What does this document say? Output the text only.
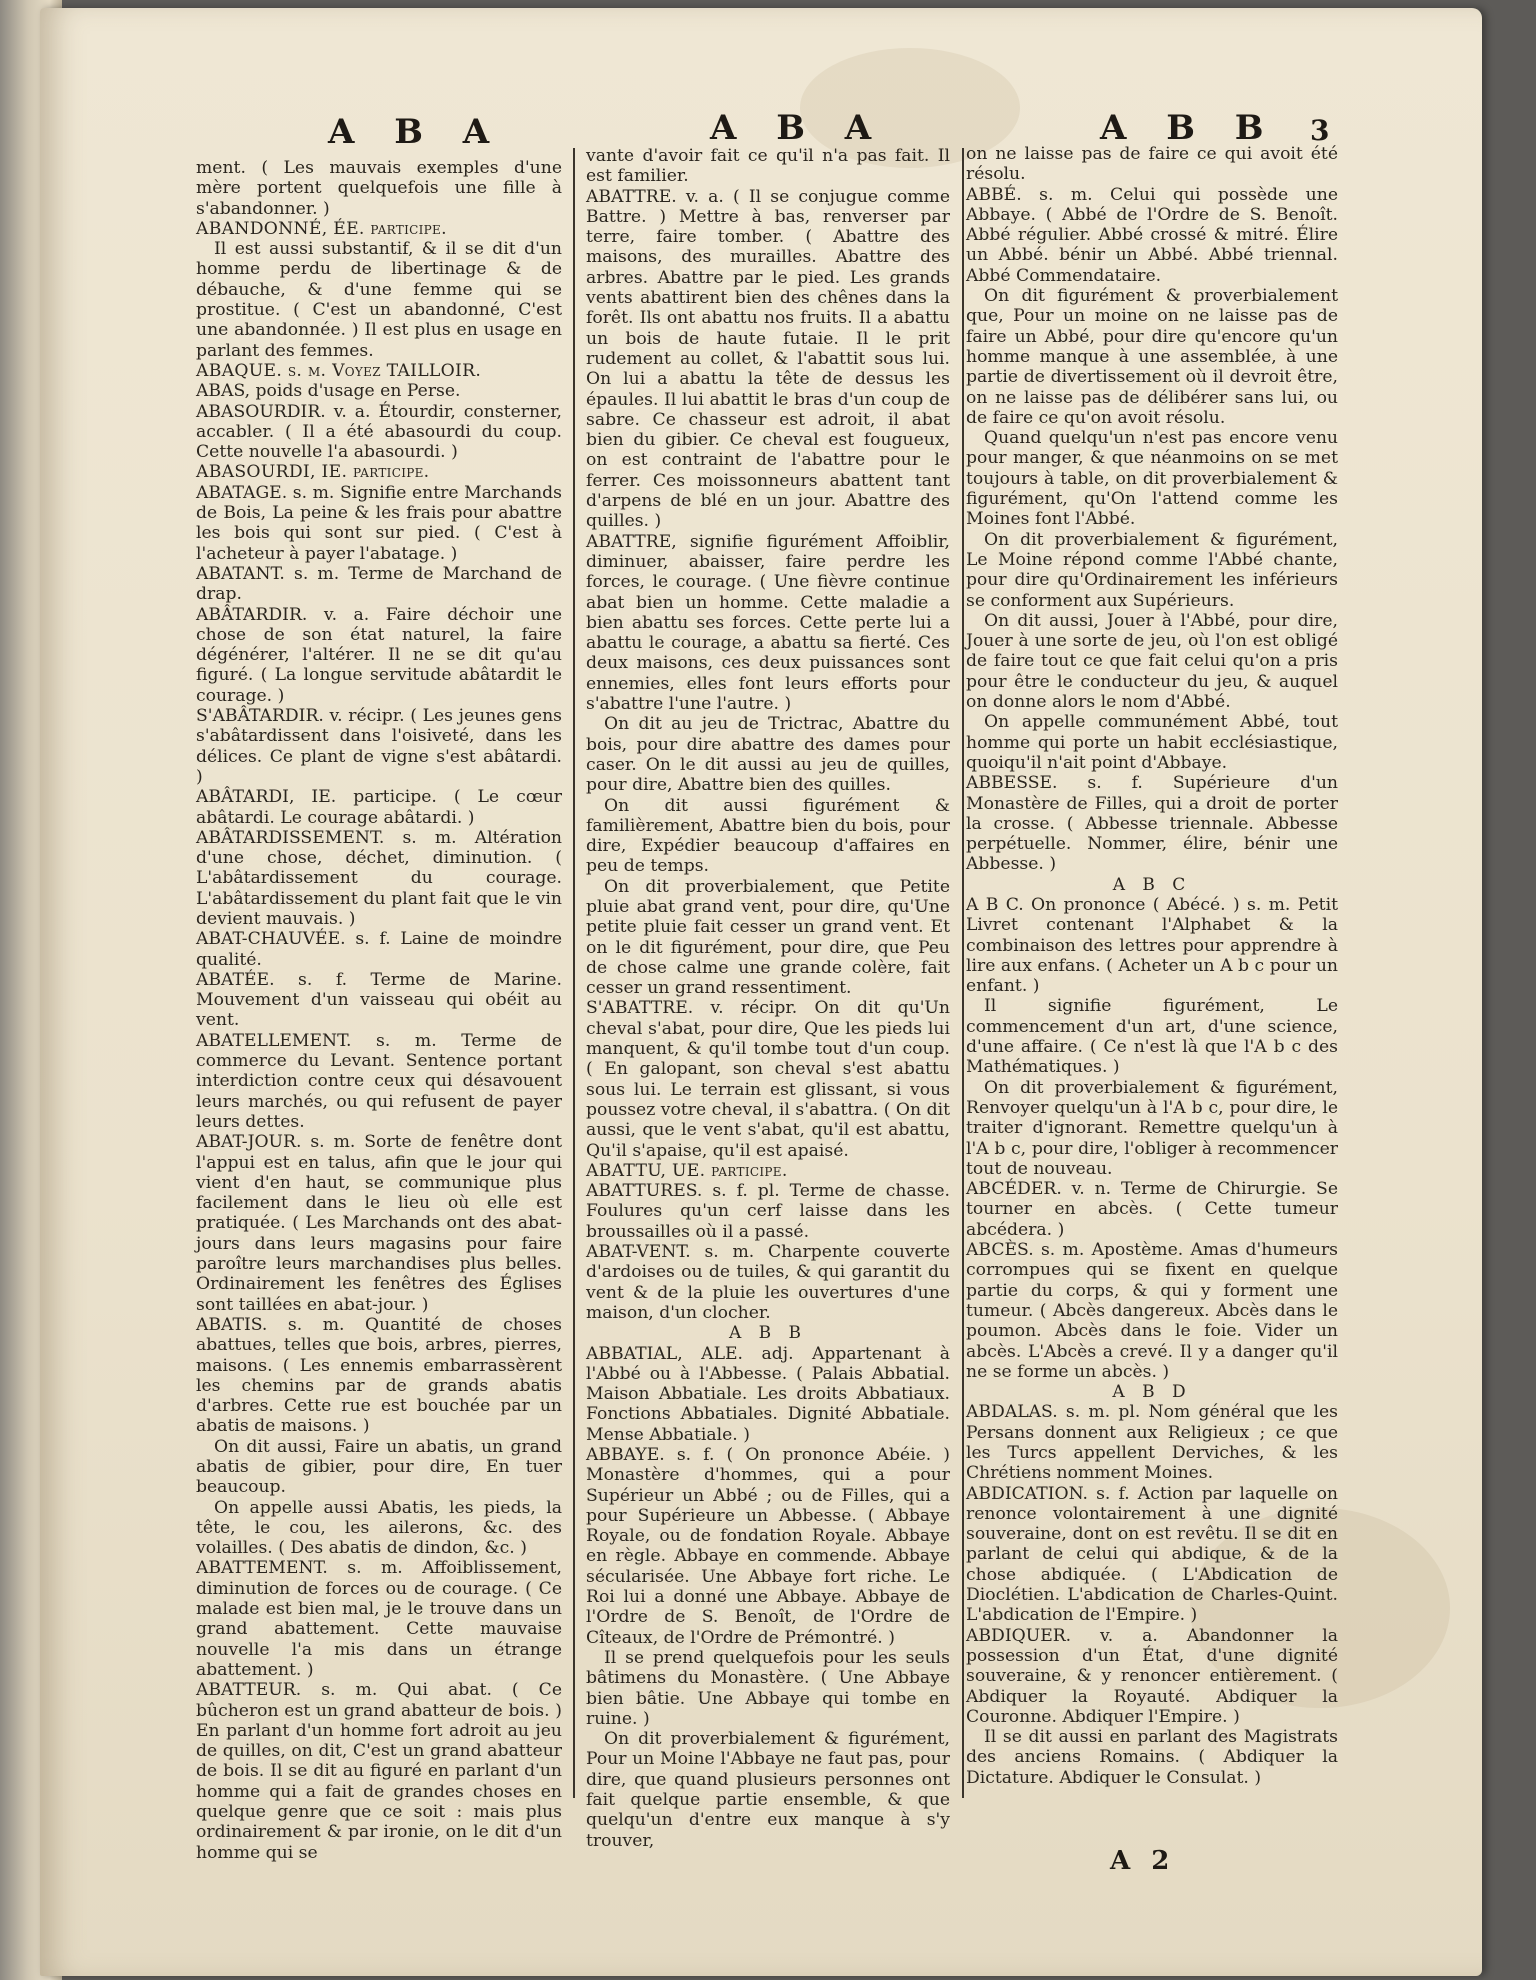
A B A	A B A	A B B 3

ment. ( Les mauvais exemples d'une mère portent quelquefois une fille à s'abandonner. )

ABANDONNÉ, ÉE. participe.

Il est aussi substantif, & il se dit d'un homme perdu de libertinage & de débauche, & d'une femme qui se prostitue. ( C'est un abandonné, C'est une abandonnée. ) Il est plus en usage en parlant des femmes.

ABAQUE. s. m. Voyez TAILLOIR.

ABAS, poids d'usage en Perse.

ABASOURDIR. v. a. Étourdir, consterner, accabler. ( Il a été abasourdi du coup. Cette nouvelle l'a abasourdi. )

ABASOURDI, IE. participe.

ABATAGE. s. m. Signifie entre Marchands de Bois, La peine & les frais pour abattre les bois qui sont sur pied. ( C'est à l'acheteur à payer l'abatage. )

ABATANT. s. m. Terme de Marchand de drap.

ABÂTARDIR. v. a. Faire déchoir une chose de son état naturel, la faire dégénérer, l'altérer. Il ne se dit qu'au figuré. ( La longue servitude abâtardit le courage. )

S'ABÂTARDIR. v. récipr. ( Les jeunes gens s'abâtardissent dans l'oisiveté, dans les délices. Ce plant de vigne s'est abâtardi. )

ABÂTARDI, IE. participe. ( Le cœur abâtardi. Le courage abâtardi. )

ABÂTARDISSEMENT. s. m. Altération d'une chose, déchet, diminution. ( L'abâtardissement du courage. L'abâtardissement du plant fait que le vin devient mauvais. )

ABAT-CHAUVÉE. s. f. Laine de moindre qualité.

ABATÉE. s. f. Terme de Marine. Mouvement d'un vaisseau qui obéit au vent.

ABATELLEMENT. s. m. Terme de commerce du Levant. Sentence portant interdiction contre ceux qui désavouent leurs marchés, ou qui refusent de payer leurs dettes.

ABAT-JOUR. s. m. Sorte de fenêtre dont l'appui est en talus, afin que le jour qui vient d'en haut, se communique plus facilement dans le lieu où elle est pratiquée. ( Les Marchands ont des abat-jours dans leurs magasins pour faire paroître leurs marchandises plus belles. Ordinairement les fenêtres des Églises sont taillées en abat-jour. )

ABATIS. s. m. Quantité de choses abattues, telles que bois, arbres, pierres, maisons. ( Les ennemis embarrassèrent les chemins par de grands abatis d'arbres. Cette rue est bouchée par un abatis de maisons. )

On dit aussi, Faire un abatis, un grand abatis de gibier, pour dire, En tuer beaucoup.

On appelle aussi Abatis, les pieds, la tête, le cou, les ailerons, &c. des volailles. ( Des abatis de dindon, &c. )

ABATTEMENT. s. m. Affoiblissement, diminution de forces ou de courage. ( Ce malade est bien mal, je le trouve dans un grand abattement. Cette mauvaise nouvelle l'a mis dans un étrange abattement. )

ABATTEUR. s. m. Qui abat. ( Ce bûcheron est un grand abatteur de bois. ) En parlant d'un homme fort adroit au jeu de quilles, on dit, C'est un grand abatteur de bois. Il se dit au figuré en parlant d'un homme qui a fait de grandes choses en quelque genre que ce soit : mais plus ordinairement & par ironie, on le dit d'un homme qui se

vante d'avoir fait ce qu'il n'a pas fait. Il est familier.

ABATTRE. v. a. ( Il se conjugue comme Battre. ) Mettre à bas, renverser par terre, faire tomber. ( Abattre des maisons, des murailles. Abattre des arbres. Abattre par le pied. Les grands vents abattirent bien des chênes dans la forêt. Ils ont abattu nos fruits. Il a abattu un bois de haute futaie. Il le prit rudement au collet, & l'abattit sous lui. On lui a abattu la tête de dessus les épaules. Il lui abattit le bras d'un coup de sabre. Ce chasseur est adroit, il abat bien du gibier. Ce cheval est fougueux, on est contraint de l'abattre pour le ferrer. Ces moissonneurs abattent tant d'arpens de blé en un jour. Abattre des quilles. )

ABATTRE, signifie figurément Affoiblir, diminuer, abaisser, faire perdre les forces, le courage. ( Une fièvre continue abat bien un homme. Cette maladie a bien abattu ses forces. Cette perte lui a abattu le courage, a abattu sa fierté. Ces deux maisons, ces deux puissances sont ennemies, elles font leurs efforts pour s'abattre l'une l'autre. )

On dit au jeu de Trictrac, Abattre du bois, pour dire abattre des dames pour caser. On le dit aussi au jeu de quilles, pour dire, Abattre bien des quilles.

On dit aussi figurément & familièrement, Abattre bien du bois, pour dire, Expédier beaucoup d'affaires en peu de temps.

On dit proverbialement, que Petite pluie abat grand vent, pour dire, qu'Une petite pluie fait cesser un grand vent. Et on le dit figurément, pour dire, que Peu de chose calme une grande colère, fait cesser un grand ressentiment.

S'ABATTRE. v. récipr. On dit qu'Un cheval s'abat, pour dire, Que les pieds lui manquent, & qu'il tombe tout d'un coup. ( En galopant, son cheval s'est abattu sous lui. Le terrain est glissant, si vous poussez votre cheval, il s'abattra. ( On dit aussi, que le vent s'abat, qu'il est abattu, Qu'il s'apaise, qu'il est apaisé.

ABATTU, UE. participe.

ABATTURES. s. f. pl. Terme de chasse. Foulures qu'un cerf laisse dans les broussailles où il a passé.

ABAT-VENT. s. m. Charpente couverte d'ardoises ou de tuiles, & qui garantit du vent & de la pluie les ouvertures d'une maison, d'un clocher.

A B B

ABBATIAL, ALE. adj. Appartenant à l'Abbé ou à l'Abbesse. ( Palais Abbatial. Maison Abbatiale. Les droits Abbatiaux. Fonctions Abbatiales. Dignité Abbatiale. Mense Abbatiale. )

ABBAYE. s. f. ( On prononce Abéie. ) Monastère d'hommes, qui a pour Supérieur un Abbé ; ou de Filles, qui a pour Supérieure un Abbesse. ( Abbaye Royale, ou de fondation Royale. Abbaye en règle. Abbaye en commende. Abbaye sécularisée. Une Abbaye fort riche. Le Roi lui a donné une Abbaye. Abbaye de l'Ordre de S. Benoît, de l'Ordre de Cîteaux, de l'Ordre de Prémontré. )

Il se prend quelquefois pour les seuls bâtimens du Monastère. ( Une Abbaye bien bâtie. Une Abbaye qui tombe en ruine. )

On dit proverbialement & figurément, Pour un Moine l'Abbaye ne faut pas, pour dire, que quand plusieurs personnes ont fait quelque partie ensemble, & que quelqu'un d'entre eux manque à s'y trouver,

on ne laisse pas de faire ce qui avoit été résolu.

ABBÉ. s. m. Celui qui possède une Abbaye. ( Abbé de l'Ordre de S. Benoît. Abbé régulier. Abbé crossé & mitré. Élire un Abbé. bénir un Abbé. Abbé triennal. Abbé Commendataire.

On dit figurément & proverbialement que, Pour un moine on ne laisse pas de faire un Abbé, pour dire qu'encore qu'un homme manque à une assemblée, à une partie de divertissement où il devroit être, on ne laisse pas de délibérer sans lui, ou de faire ce qu'on avoit résolu.

Quand quelqu'un n'est pas encore venu pour manger, & que néanmoins on se met toujours à table, on dit proverbialement & figurément, qu'On l'attend comme les Moines font l'Abbé.

On dit proverbialement & figurément, Le Moine répond comme l'Abbé chante, pour dire qu'Ordinairement les inférieurs se conforment aux Supérieurs.

On dit aussi, Jouer à l'Abbé, pour dire, Jouer à une sorte de jeu, où l'on est obligé de faire tout ce que fait celui qu'on a pris pour être le conducteur du jeu, & auquel on donne alors le nom d'Abbé.

On appelle communément Abbé, tout homme qui porte un habit ecclésiastique, quoiqu'il n'ait point d'Abbaye.

ABBESSE. s. f. Supérieure d'un Monastère de Filles, qui a droit de porter la crosse. ( Abbesse triennale. Abbesse perpétuelle. Nommer, élire, bénir une Abbesse. )

A B C

A B C. On prononce ( Abécé. ) s. m. Petit Livret contenant l'Alphabet & la combinaison des lettres pour apprendre à lire aux enfans. ( Acheter un A b c pour un enfant. )

Il signifie figurément, Le commencement d'un art, d'une science, d'une affaire. ( Ce n'est là que l'A b c des Mathématiques. )

On dit proverbialement & figurément, Renvoyer quelqu'un à l'A b c, pour dire, le traiter d'ignorant. Remettre quelqu'un à l'A b c, pour dire, l'obliger à recommencer tout de nouveau.

ABCÉDER. v. n. Terme de Chirurgie. Se tourner en abcès. ( Cette tumeur abcédera. )

ABCÈS. s. m. Apostème. Amas d'humeurs corrompues qui se fixent en quelque partie du corps, & qui y forment une tumeur. ( Abcès dangereux. Abcès dans le poumon. Abcès dans le foie. Vider un abcès. L'Abcès a crevé. Il y a danger qu'il ne se forme un abcès. )

A B D

ABDALAS. s. m. pl. Nom général que les Persans donnent aux Religieux ; ce que les Turcs appellent Derviches, & les Chrétiens nomment Moines.

ABDICATION. s. f. Action par laquelle on renonce volontairement à une dignité souveraine, dont on est revêtu. Il se dit en parlant de celui qui abdique, & de la chose abdiquée. ( L'Abdication de Dioclétien. L'abdication de Charles-Quint. L'abdication de l'Empire. )

ABDIQUER. v. a. Abandonner la possession d'un État, d'une dignité souveraine, & y renoncer entièrement. ( Abdiquer la Royauté. Abdiquer la Couronne. Abdiquer l'Empire. )

Il se dit aussi en parlant des Magistrats des anciens Romains. ( Abdiquer la Dictature. Abdiquer le Consulat. )

A 2
